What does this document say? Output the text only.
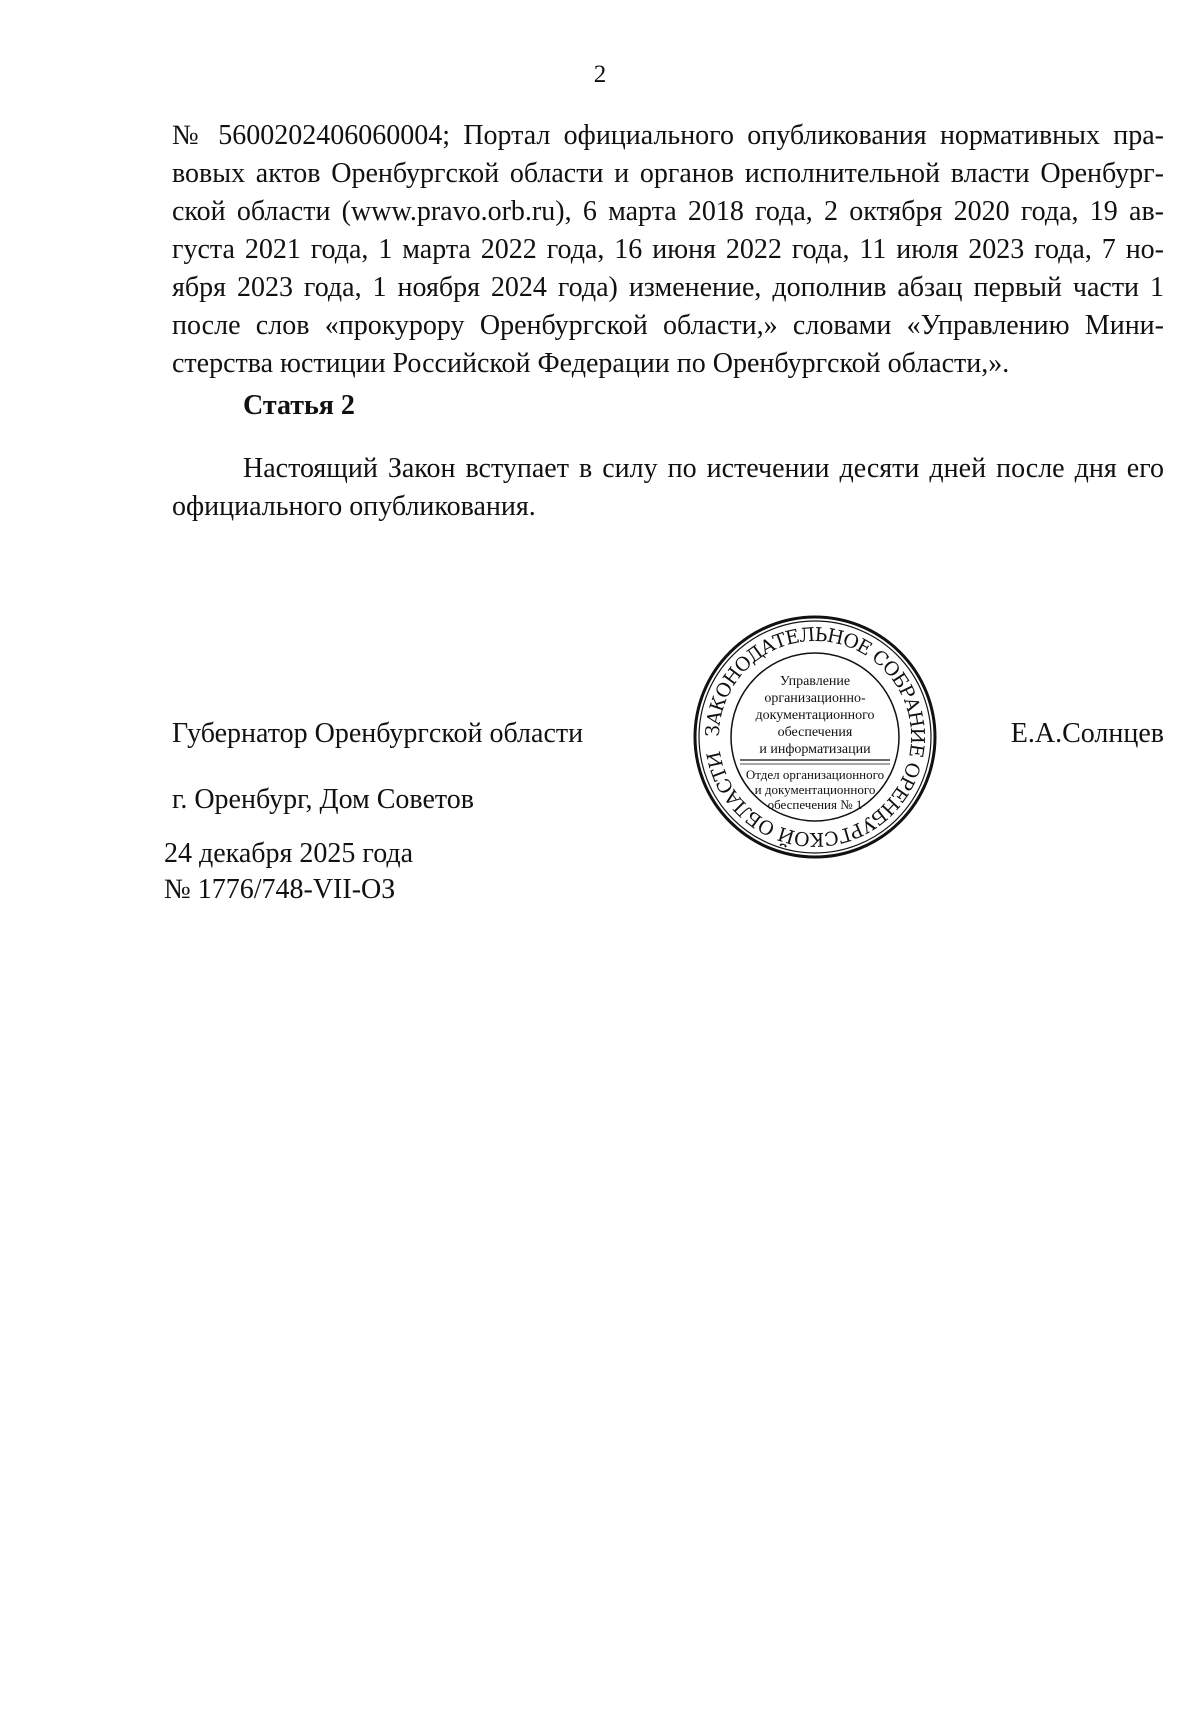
2
№ 5600202406060004; Портал официального опубликования нормативных пра-
вовых актов Оренбургской области и органов исполнительной власти Оренбург-
ской области (www.pravo.orb.ru), 6 марта 2018 года, 2 октября 2020 года, 19 ав-
густа 2021 года, 1 марта 2022 года, 16 июня 2022 года, 11 июля 2023 года, 7 но-
ября 2023 года, 1 ноября 2024 года) изменение, дополнив абзац первый части 1
после слов «прокурору Оренбургской области,» словами «Управлению Мини-
стерства юстиции Российской Федерации по Оренбургской области,».
Статья 2
Настоящий Закон вступает в силу по истечении десяти дней после дня его
официального опубликования.
Губернатор Оренбургской области	Е.А.Солнцев
ЗАКОНОДАТЕЛЬНОЕ СОБРАНИЕ ОРЕНБУРГСКОЙ ОБЛАСТИ
Управление
организационно-
документационного
обеспечения
и информатизации
Отдел организационного
и документационного
обеспечения № 1
г. Оренбург, Дом Советов
24 декабря 2025 года
№ 1776/748-VII-ОЗ
